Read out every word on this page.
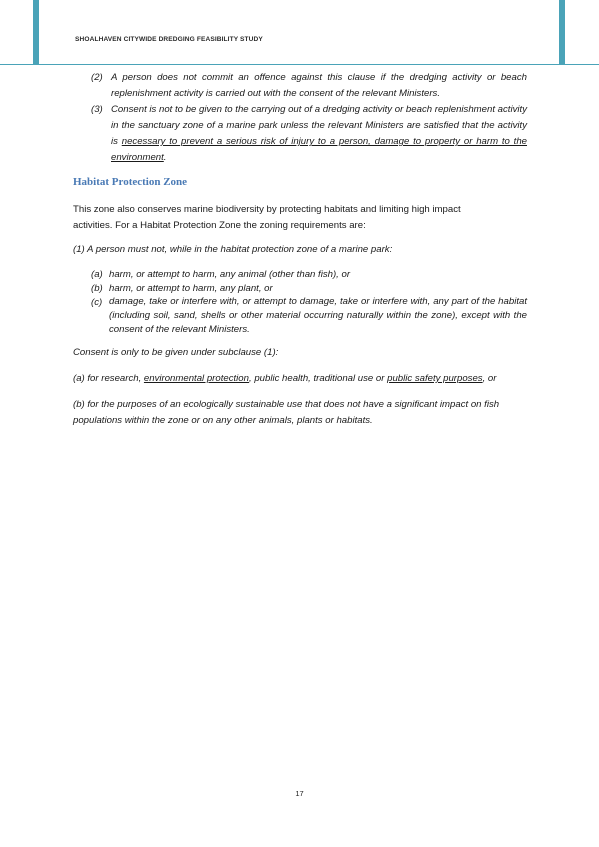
SHOALHAVEN CITYWIDE DREDGING FEASIBILITY STUDY
(2) A person does not commit an offence against this clause if the dredging activity or beach replenishment activity is carried out with the consent of the relevant Ministers.
(3) Consent is not to be given to the carrying out of a dredging activity or beach replenishment activity in the sanctuary zone of a marine park unless the relevant Ministers are satisfied that the activity is necessary to prevent a serious risk of injury to a person, damage to property or harm to the environment.
Habitat Protection Zone
This zone also conserves marine biodiversity by protecting habitats and limiting high impact activities. For a Habitat Protection Zone the zoning requirements are:
(1) A person must not, while in the habitat protection zone of a marine park:
(a) harm, or attempt to harm, any animal (other than fish), or
(b) harm, or attempt to harm, any plant, or
(c) damage, take or interfere with, or attempt to damage, take or interfere with, any part of the habitat (including soil, sand, shells or other material occurring naturally within the zone), except with the consent of the relevant Ministers.
Consent is only to be given under subclause (1):
(a) for research, environmental protection, public health, traditional use or public safety purposes, or
(b) for the purposes of an ecologically sustainable use that does not have a significant impact on fish populations within the zone or on any other animals, plants or habitats.
17
